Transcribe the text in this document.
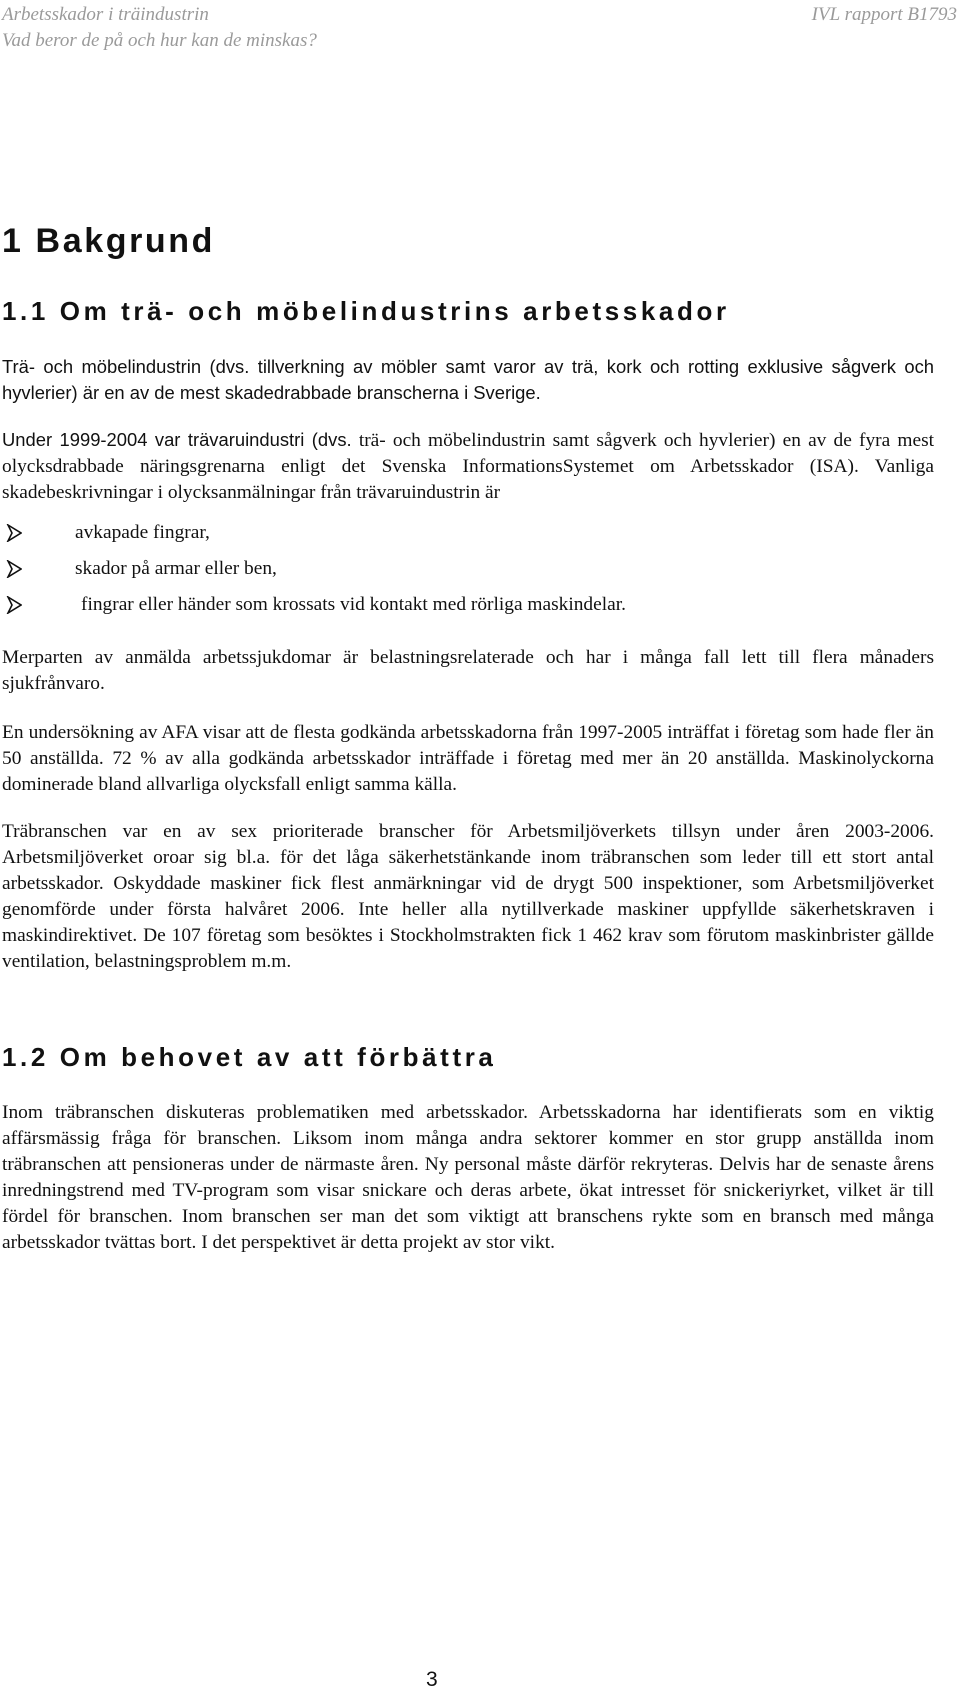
Arbetsskador i träindustrin
Vad beror de på och hur kan de minskas?
IVL rapport B1793
1 Bakgrund
1.1 Om trä- och möbelindustrins arbetsskador

Trä- och möbelindustrin (dvs. tillverkning av möbler samt varor av trä, kork och rotting exklusive sågverk och hyvlerier) är en av de mest skadedrabbade branscherna i Sverige.

Under 1999-2004 var trävaruindustri (dvs. trä- och möbelindustrin samt sågverk och hyvlerier) en av de fyra mest olycksdrabbade näringsgrenarna enligt det Svenska InformationsSystemet om Arbetsskador (ISA). Vanliga skadebeskrivningar i olycksanmälningar från trävaruindustrin är

avkapade fingrar,
skador på armar eller ben,
fingrar eller händer som krossats vid kontakt med rörliga maskindelar.

Merparten av anmälda arbetssjukdomar är belastningsrelaterade och har i många fall lett till flera månaders sjukfrånvaro.

En undersökning av AFA visar att de flesta godkända arbetsskadorna från 1997-2005 inträffat i företag som hade fler än 50 anställda. 72 % av alla godkända arbetsskador inträffade i företag med mer än 20 anställda. Maskinolyckorna dominerade bland allvarliga olycksfall enligt samma källa.

Träbranschen var en av sex prioriterade branscher för Arbetsmiljöverkets tillsyn under åren 2003-2006. Arbetsmiljöverket oroar sig bl.a. för det låga säkerhetstänkande inom träbranschen som leder till ett stort antal arbetsskador. Oskyddade maskiner fick flest anmärkningar vid de drygt 500 inspektioner, som Arbetsmiljöverket genomförde under första halvåret 2006. Inte heller alla nytillverkade maskiner uppfyllde säkerhetskraven i maskindirektivet. De 107 företag som besöktes i Stockholmstrakten fick 1 462 krav som förutom maskinbrister gällde ventilation, belastningsproblem m.m.

1.2 Om behovet av att förbättra

Inom träbranschen diskuteras problematiken med arbetsskador. Arbetsskadorna har identifierats som en viktig affärsmässig fråga för branschen. Liksom inom många andra sektorer kommer en stor grupp anställda inom träbranschen att pensioneras under de närmaste åren. Ny personal måste därför rekryteras. Delvis har de senaste årens inredningstrend med TV-program som visar snickare och deras arbete, ökat intresset för snickeriyrket, vilket är till fördel för branschen. Inom branschen ser man det som viktigt att branschens rykte som en bransch med många arbetsskador tvättas bort. I det perspektivet är detta projekt av stor vikt.

3
